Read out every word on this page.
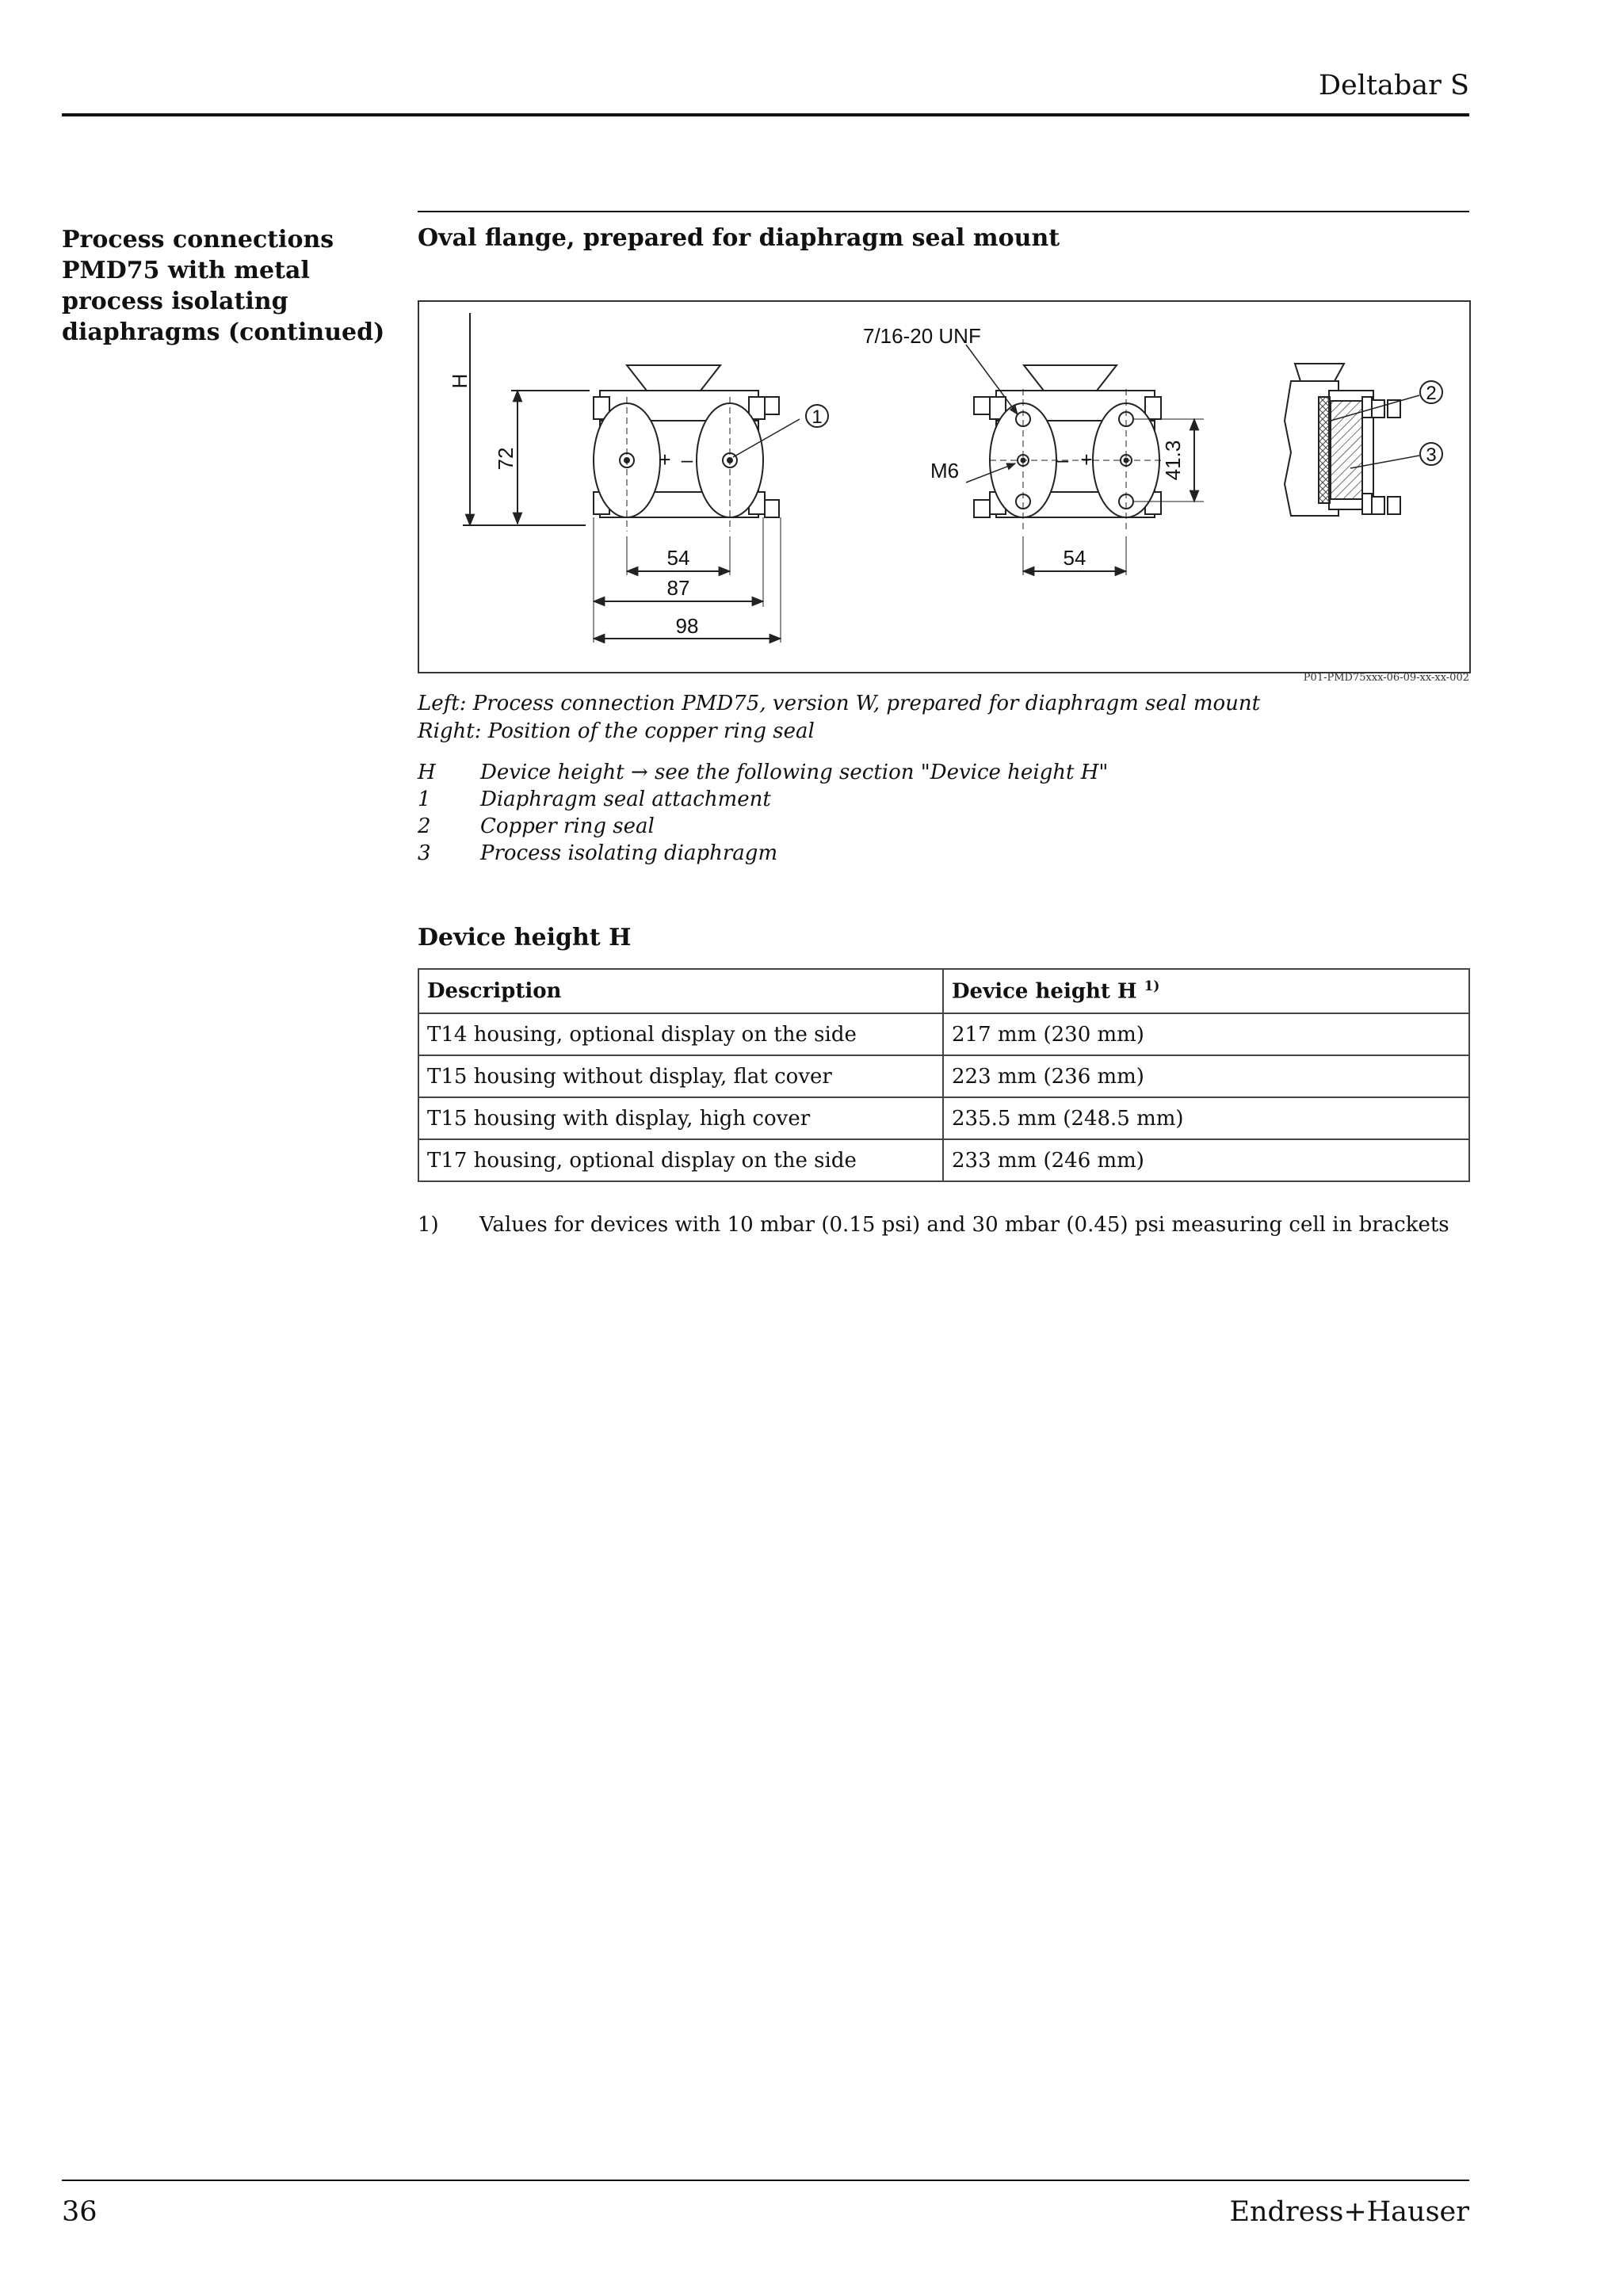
Deltabar S
Process connections PMD75 with metal process isolating diaphragms (continued)
Oval flange, prepared for diaphragm seal mount
H
72
54
87
98
1
+ –
7/16-20 UNF
M6	41.3
54
– +
2
3
P01-PMD75xxx-06-09-xx-xx-002
Left: Process connection PMD75, version W, prepared for diaphragm seal mount
Right: Position of the copper ring seal
H Device height → see the following section "Device height H"
1 Diaphragm seal attachment
2 Copper ring seal
3 Process isolating diaphragm
Device height H
Description	Device height H $^{1)}$
T14 housing, optional display on the side	217 mm (230 mm)
T15 housing without display, flat cover	223 mm (236 mm)
T15 housing with display, high cover	235.5 mm (248.5 mm)
T17 housing, optional display on the side	233 mm (246 mm)
1) Values for devices with 10 mbar (0.15 psi) and 30 mbar (0.45) psi measuring cell in brackets
36	Endress+Hauser
